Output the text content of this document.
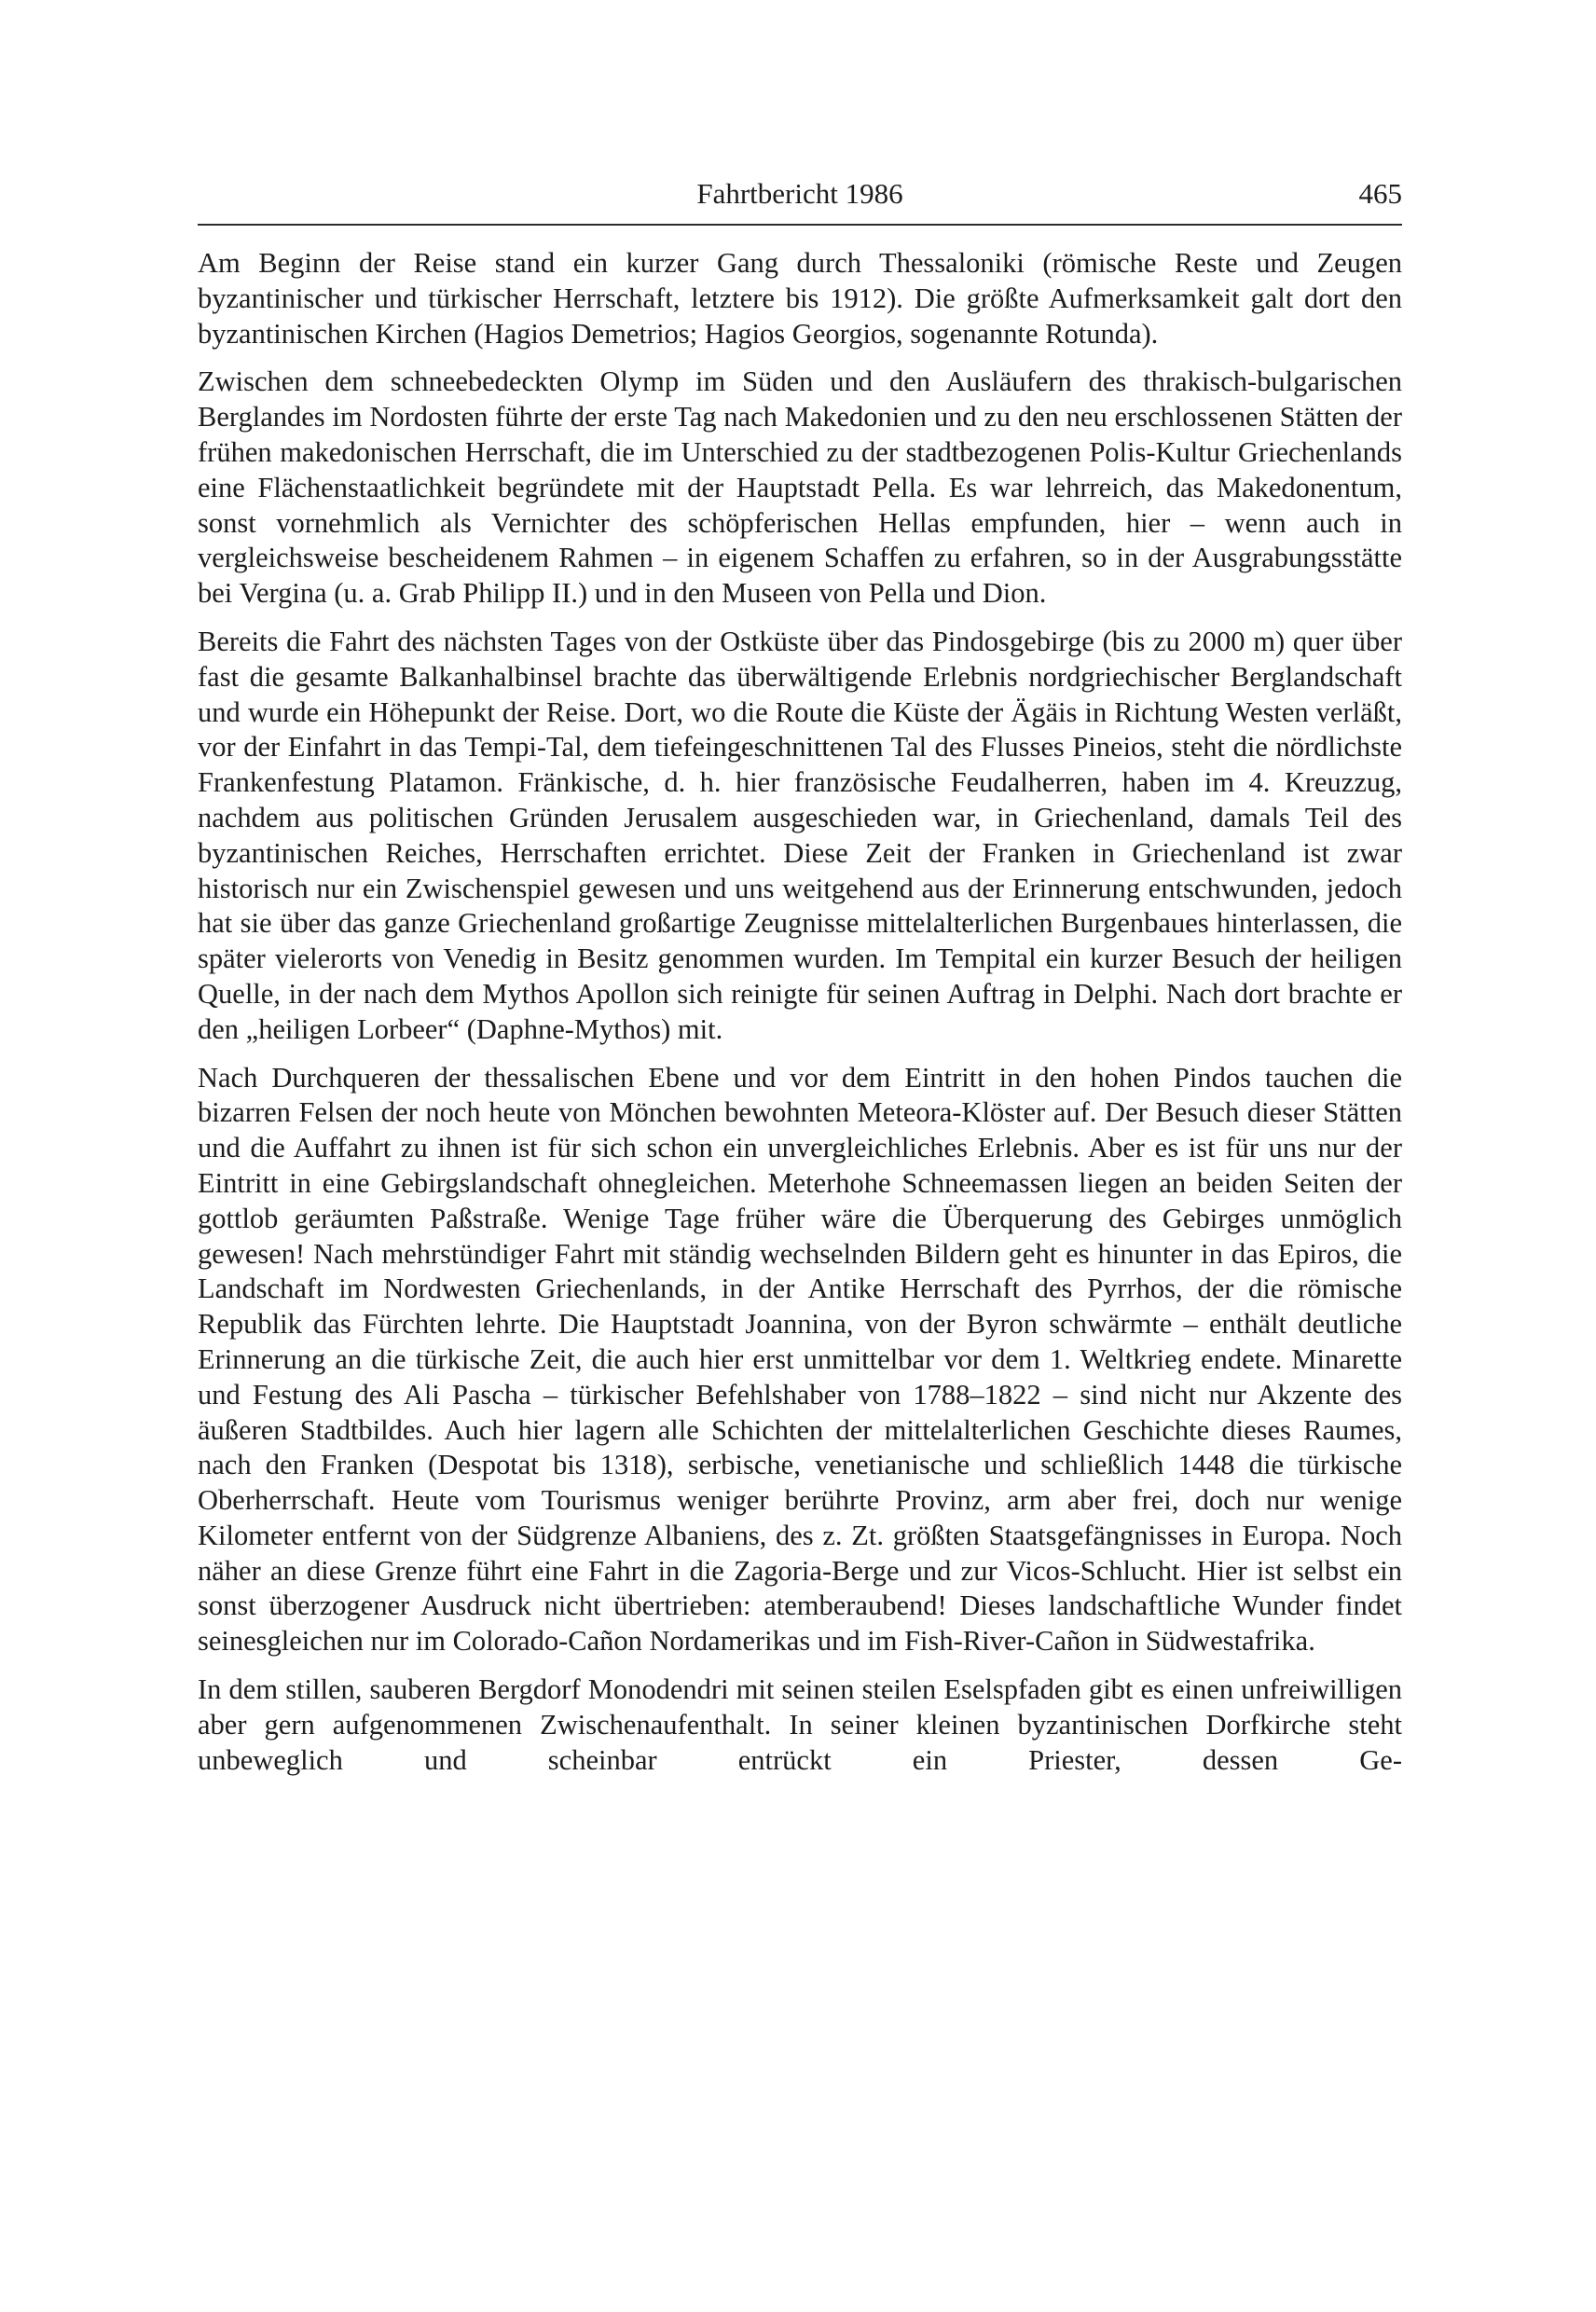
Fahrtbericht 1986	465

Am Beginn der Reise stand ein kurzer Gang durch Thessaloniki (römische Reste und Zeugen byzantinischer und türkischer Herrschaft, letztere bis 1912). Die größte Aufmerksamkeit galt dort den byzantinischen Kirchen (Hagios Demetrios; Hagios Georgios, sogenannte Rotunda).

Zwischen dem schneebedeckten Olymp im Süden und den Ausläufern des thrakisch-bulgarischen Berglandes im Nordosten führte der erste Tag nach Makedonien und zu den neu erschlossenen Stätten der frühen makedonischen Herrschaft, die im Unterschied zu der stadtbezogenen Polis-Kultur Griechenlands eine Flächenstaatlichkeit begründete mit der Hauptstadt Pella. Es war lehrreich, das Makedonentum, sonst vornehmlich als Vernichter des schöpferischen Hellas empfunden, hier – wenn auch in vergleichsweise bescheidenem Rahmen – in eigenem Schaffen zu erfahren, so in der Ausgrabungsstätte bei Vergina (u. a. Grab Philipp II.) und in den Museen von Pella und Dion.

Bereits die Fahrt des nächsten Tages von der Ostküste über das Pindosgebirge (bis zu 2000 m) quer über fast die gesamte Balkanhalbinsel brachte das überwältigende Erlebnis nordgriechischer Berglandschaft und wurde ein Höhepunkt der Reise. Dort, wo die Route die Küste der Ägäis in Richtung Westen verläßt, vor der Einfahrt in das Tempi-Tal, dem tiefeingeschnittenen Tal des Flusses Pineios, steht die nördlichste Frankenfestung Platamon. Fränkische, d. h. hier französische Feudalherren, haben im 4. Kreuzzug, nachdem aus politischen Gründen Jerusalem ausgeschieden war, in Griechenland, damals Teil des byzantinischen Reiches, Herrschaften errichtet. Diese Zeit der Franken in Griechenland ist zwar historisch nur ein Zwischenspiel gewesen und uns weitgehend aus der Erinnerung entschwunden, jedoch hat sie über das ganze Griechenland großartige Zeugnisse mittelalterlichen Burgenbaues hinterlassen, die später vielerorts von Venedig in Besitz genommen wurden. Im Tempital ein kurzer Besuch der heiligen Quelle, in der nach dem Mythos Apollon sich reinigte für seinen Auftrag in Delphi. Nach dort brachte er den „heiligen Lorbeer“ (Daphne-Mythos) mit.

Nach Durchqueren der thessalischen Ebene und vor dem Eintritt in den hohen Pindos tauchen die bizarren Felsen der noch heute von Mönchen bewohnten Meteora-Klöster auf. Der Besuch dieser Stätten und die Auffahrt zu ihnen ist für sich schon ein unvergleichliches Erlebnis. Aber es ist für uns nur der Eintritt in eine Gebirgslandschaft ohnegleichen. Meterhohe Schneemassen liegen an beiden Seiten der gottlob geräumten Paßstraße. Wenige Tage früher wäre die Überquerung des Gebirges unmöglich gewesen! Nach mehrstündiger Fahrt mit ständig wechselnden Bildern geht es hinunter in das Epiros, die Landschaft im Nordwesten Griechenlands, in der Antike Herrschaft des Pyrrhos, der die römische Republik das Fürchten lehrte. Die Hauptstadt Joannina, von der Byron schwärmte – enthält deutliche Erinnerung an die türkische Zeit, die auch hier erst unmittelbar vor dem 1. Weltkrieg endete. Minarette und Festung des Ali Pascha – türkischer Befehlshaber von 1788–1822 – sind nicht nur Akzente des äußeren Stadtbildes. Auch hier lagern alle Schichten der mittelalterlichen Geschichte dieses Raumes, nach den Franken (Despotat bis 1318), serbische, venetianische und schließlich 1448 die türkische Oberherrschaft. Heute vom Tourismus weniger berührte Provinz, arm aber frei, doch nur wenige Kilometer entfernt von der Südgrenze Albaniens, des z. Zt. größten Staatsgefängnisses in Europa. Noch näher an diese Grenze führt eine Fahrt in die Zagoria-Berge und zur Vicos-Schlucht. Hier ist selbst ein sonst überzogener Ausdruck nicht übertrieben: atemberaubend! Dieses landschaftliche Wunder findet seinesgleichen nur im Colorado-Cañon Nordamerikas und im Fish-River-Cañon in Südwestafrika.

In dem stillen, sauberen Bergdorf Monodendri mit seinen steilen Eselspfaden gibt es einen unfreiwilligen aber gern aufgenommenen Zwischenaufenthalt. In seiner kleinen byzantinischen Dorfkirche steht unbeweglich und scheinbar entrückt ein Priester, dessen Ge-
